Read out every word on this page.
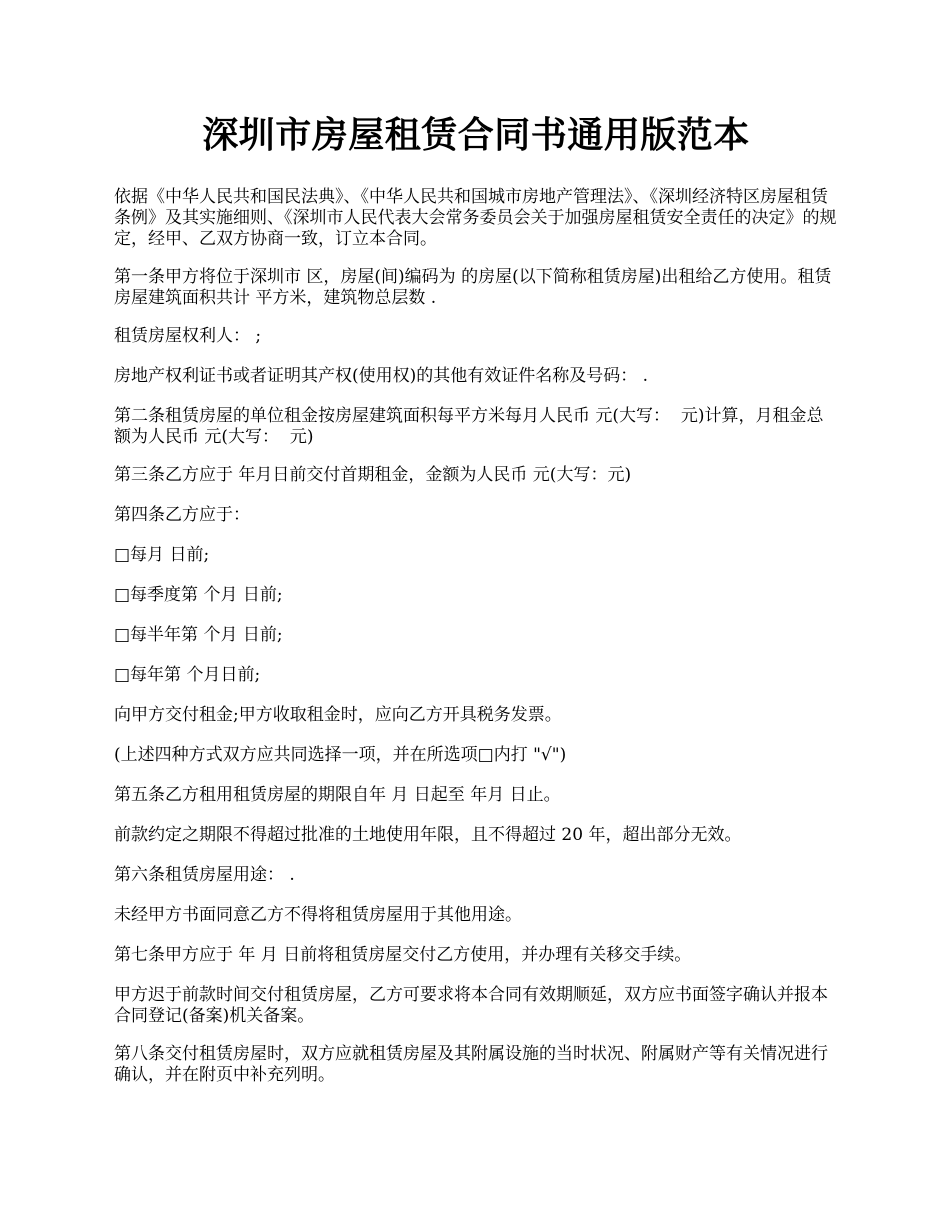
深圳市房屋租赁合同书通用版范本

依据《中华人民共和国民法典》、《中华人民共和国城市房地产管理法》、《深圳经济特区房屋租赁条例》及其实施细则、《深圳市人民代表大会常务委员会关于加强房屋租赁安全责任的决定》的规定，经甲、乙双方协商一致，订立本合同。

第一条甲方将位于深圳市 区，房屋(间)编码为 的房屋(以下简称租赁房屋)出租给乙方使用。租赁房屋建筑面积共计 平方米，建筑物总层数 .

租赁房屋权利人： ;

房地产权利证书或者证明其产权(使用权)的其他有效证件名称及号码： .

第二条租赁房屋的单位租金按房屋建筑面积每平方米每月人民币 元(大写：  元)计算，月租金总额为人民币 元(大写：  元)

第三条乙方应于 年月日前交付首期租金，金额为人民币 元(大写：元)

第四条乙方应于：

□每月 日前;

□每季度第 个月 日前;

□每半年第 个月 日前;

□每年第 个月日前;

向甲方交付租金;甲方收取租金时，应向乙方开具税务发票。

(上述四种方式双方应共同选择一项，并在所选项□内打 "√")

第五条乙方租用租赁房屋的期限自年 月 日起至 年月 日止。

前款约定之期限不得超过批准的土地使用年限，且不得超过 20 年，超出部分无效。

第六条租赁房屋用途： .

未经甲方书面同意乙方不得将租赁房屋用于其他用途。

第七条甲方应于 年 月 日前将租赁房屋交付乙方使用，并办理有关移交手续。

甲方迟于前款时间交付租赁房屋，乙方可要求将本合同有效期顺延，双方应书面签字确认并报本合同登记(备案)机关备案。

第八条交付租赁房屋时，双方应就租赁房屋及其附属设施的当时状况、附属财产等有关情况进行确认，并在附页中补充列明。
